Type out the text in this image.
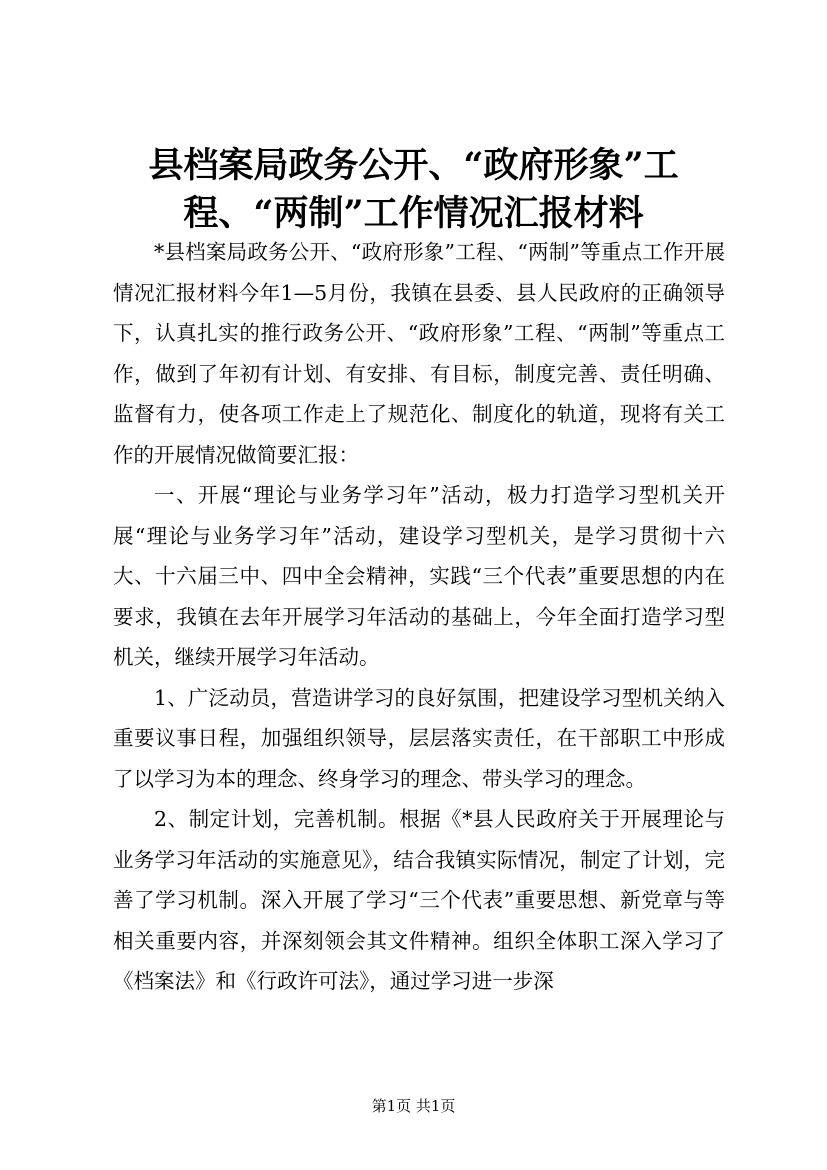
县档案局政务公开、“政府形象”工程、“两制”工作情况汇报材料

*县档案局政务公开、“政府形象”工程、“两制”等重点工作开展情况汇报材料今年1—5月份，我镇在县委、县人民政府的正确领导下，认真扎实的推行政务公开、“政府形象”工程、“两制”等重点工作，做到了年初有计划、有安排、有目标，制度完善、责任明确、监督有力，使各项工作走上了规范化、制度化的轨道，现将有关工作的开展情况做简要汇报：

一、开展“理论与业务学习年”活动，极力打造学习型机关开展“理论与业务学习年”活动，建设学习型机关，是学习贯彻十六大、十六届三中、四中全会精神，实践“三个代表”重要思想的内在要求，我镇在去年开展学习年活动的基础上，今年全面打造学习型机关，继续开展学习年活动。

1、广泛动员，营造讲学习的良好氛围，把建设学习型机关纳入重要议事日程，加强组织领导，层层落实责任，在干部职工中形成了以学习为本的理念、终身学习的理念、带头学习的理念。

2、制定计划，完善机制。根据《*县人民政府关于开展理论与业务学习年活动的实施意见》，结合我镇实际情况，制定了计划，完善了学习机制。深入开展了学习“三个代表”重要思想、新党章与等相关重要内容，并深刻领会其文件精神。组织全体职工深入学习了《档案法》和《行政许可法》，通过学习进一步深

第1页 共1页
